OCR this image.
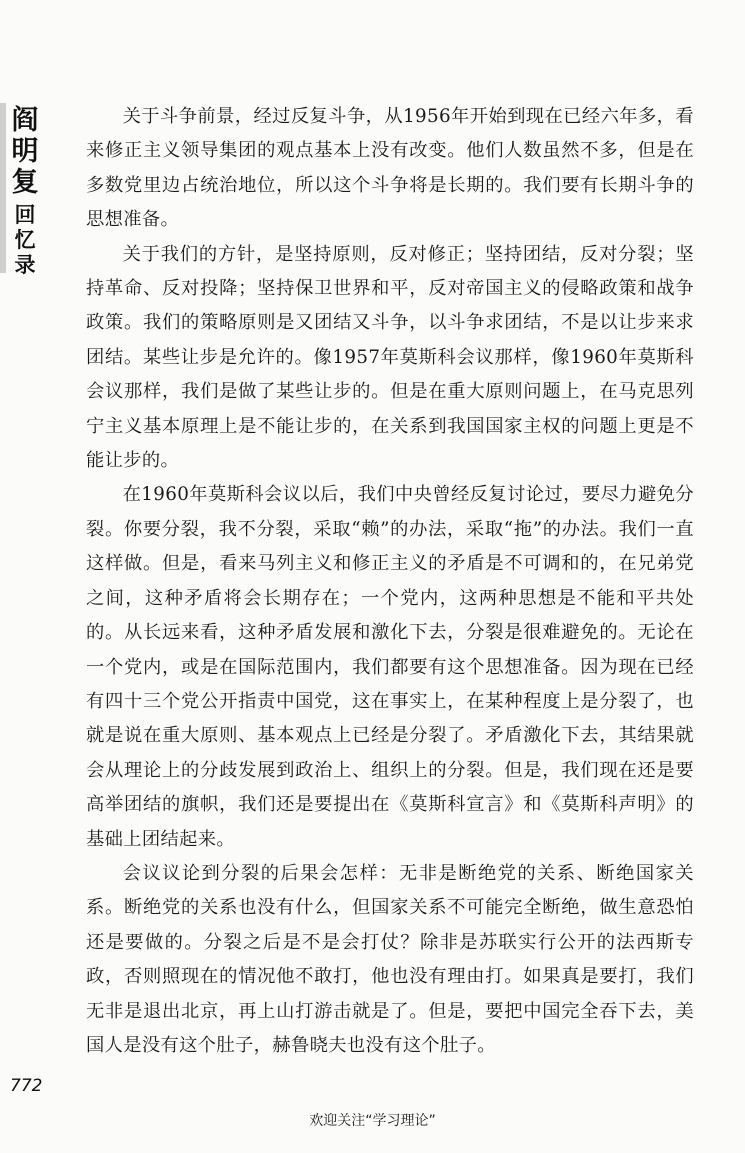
阎
明
复
回
忆
录

关于斗争前景，经过反复斗争，从1956年开始到现在已经六年多，看来修正主义领导集团的观点基本上没有改变。他们人数虽然不多，但是在多数党里边占统治地位，所以这个斗争将是长期的。我们要有长期斗争的思想准备。

关于我们的方针，是坚持原则，反对修正；坚持团结，反对分裂；坚持革命、反对投降；坚持保卫世界和平，反对帝国主义的侵略政策和战争政策。我们的策略原则是又团结又斗争，以斗争求团结，不是以让步来求团结。某些让步是允许的。像1957年莫斯科会议那样，像1960年莫斯科会议那样，我们是做了某些让步的。但是在重大原则问题上，在马克思列宁主义基本原理上是不能让步的，在关系到我国国家主权的问题上更是不能让步的。

在1960年莫斯科会议以后，我们中央曾经反复讨论过，要尽力避免分裂。你要分裂，我不分裂，采取“赖”的办法，采取“拖”的办法。我们一直这样做。但是，看来马列主义和修正主义的矛盾是不可调和的，在兄弟党之间，这种矛盾将会长期存在；一个党内，这两种思想是不能和平共处的。从长远来看，这种矛盾发展和激化下去，分裂是很难避免的。无论在一个党内，或是在国际范围内，我们都要有这个思想准备。因为现在已经有四十三个党公开指责中国党，这在事实上，在某种程度上是分裂了，也就是说在重大原则、基本观点上已经是分裂了。矛盾激化下去，其结果就会从理论上的分歧发展到政治上、组织上的分裂。但是，我们现在还是要高举团结的旗帜，我们还是要提出在《莫斯科宣言》和《莫斯科声明》的基础上团结起来。

会议议论到分裂的后果会怎样：无非是断绝党的关系、断绝国家关系。断绝党的关系也没有什么，但国家关系不可能完全断绝，做生意恐怕还是要做的。分裂之后是不是会打仗？除非是苏联实行公开的法西斯专政，否则照现在的情况他不敢打，他也没有理由打。如果真是要打，我们无非是退出北京，再上山打游击就是了。但是，要把中国完全吞下去，美国人是没有这个肚子，赫鲁晓夫也没有这个肚子。

772
欢迎关注“学习理论”
